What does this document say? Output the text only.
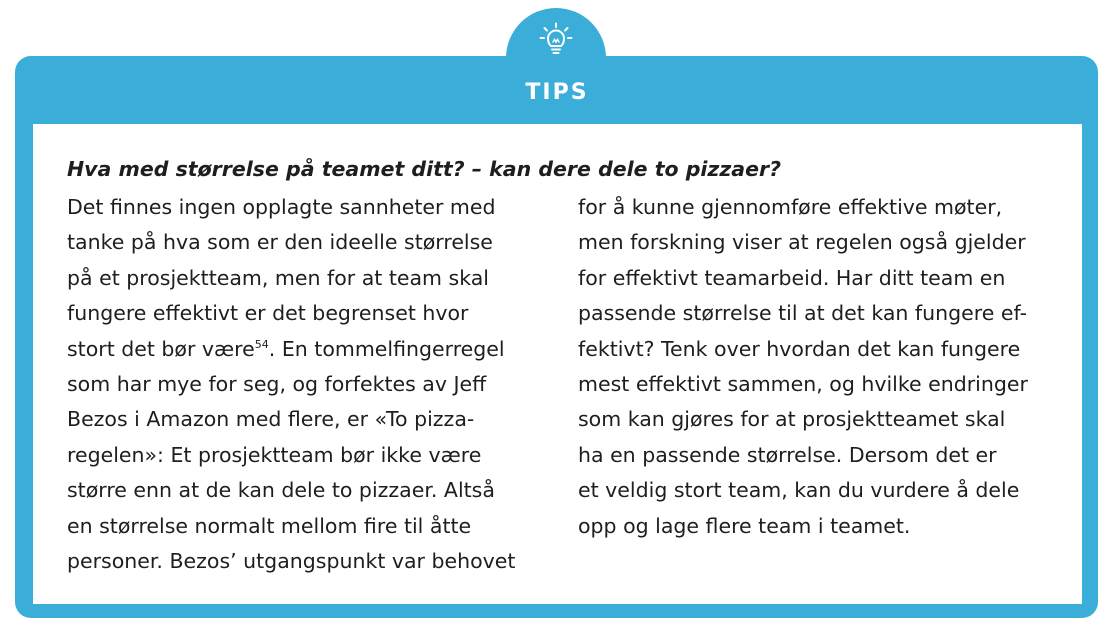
TIPS
Hva med størrelse på teamet ditt? – kan dere dele to pizzaer?
Det finnes ingen opplagte sannheter med
tanke på hva som er den ideelle størrelse
på et prosjektteam, men for at team skal
fungere effektivt er det begrenset hvor
stort det bør være$^{54}$. En tommelfingerregel
som har mye for seg, og forfektes av Jeff
Bezos i Amazon med flere, er «To pizza-
regelen»: Et prosjektteam bør ikke være
større enn at de kan dele to pizzaer. Altså
en størrelse normalt mellom fire til åtte
personer. Bezos’ utgangspunkt var behovet
for å kunne gjennomføre effektive møter,
men forskning viser at regelen også gjelder
for effektivt teamarbeid. Har ditt team en
passende størrelse til at det kan fungere ef-
fektivt? Tenk over hvordan det kan fungere
mest effektivt sammen, og hvilke endringer
som kan gjøres for at prosjektteamet skal
ha en passende størrelse. Dersom det er
et veldig stort team, kan du vurdere å dele
opp og lage flere team i teamet.
